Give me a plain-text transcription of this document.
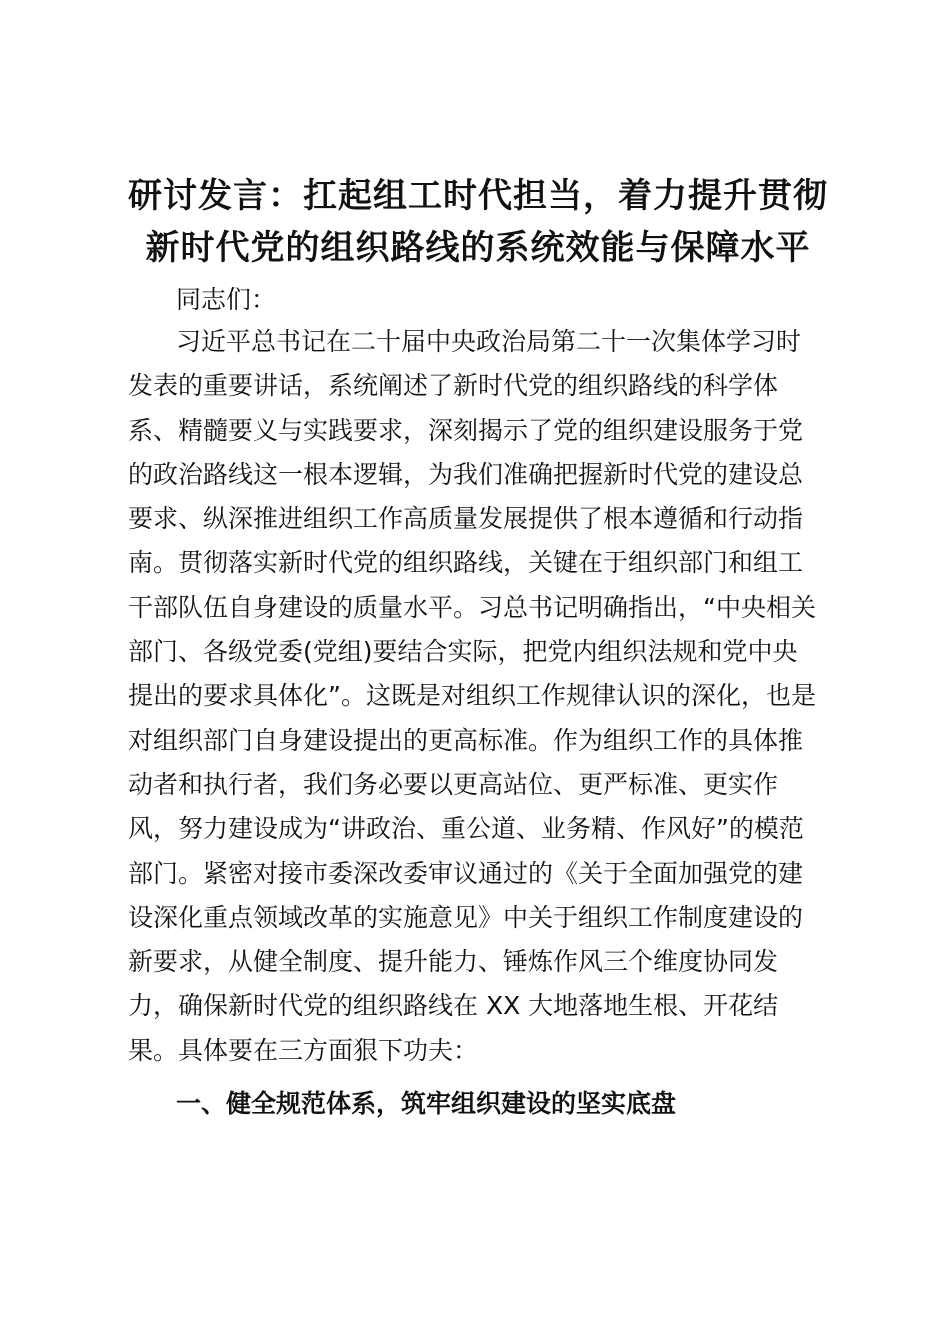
研讨发言：扛起组工时代担当，着力提升贯彻
新时代党的组织路线的系统效能与保障水平

同志们：

习近平总书记在二十届中央政治局第二十一次集体学习时
发表的重要讲话，系统阐述了新时代党的组织路线的科学体
系、精髓要义与实践要求，深刻揭示了党的组织建设服务于党
的政治路线这一根本逻辑，为我们准确把握新时代党的建设总
要求、纵深推进组织工作高质量发展提供了根本遵循和行动指
南。贯彻落实新时代党的组织路线，关键在于组织部门和组工
干部队伍自身建设的质量水平。习总书记明确指出，“中央相关
部门、各级党委(党组)要结合实际，把党内组织法规和党中央
提出的要求具体化”。这既是对组织工作规律认识的深化，也是
对组织部门自身建设提出的更高标准。作为组织工作的具体推
动者和执行者，我们务必要以更高站位、更严标准、更实作
风，努力建设成为“讲政治、重公道、业务精、作风好”的模范
部门。紧密对接市委深改委审议通过的《关于全面加强党的建
设深化重点领域改革的实施意见》中关于组织工作制度建设的
新要求，从健全制度、提升能力、锤炼作风三个维度协同发
力，确保新时代党的组织路线在 XX 大地落地生根、开花结
果。具体要在三方面狠下功夫：
一、健全规范体系，筑牢组织建设的坚实底盘
